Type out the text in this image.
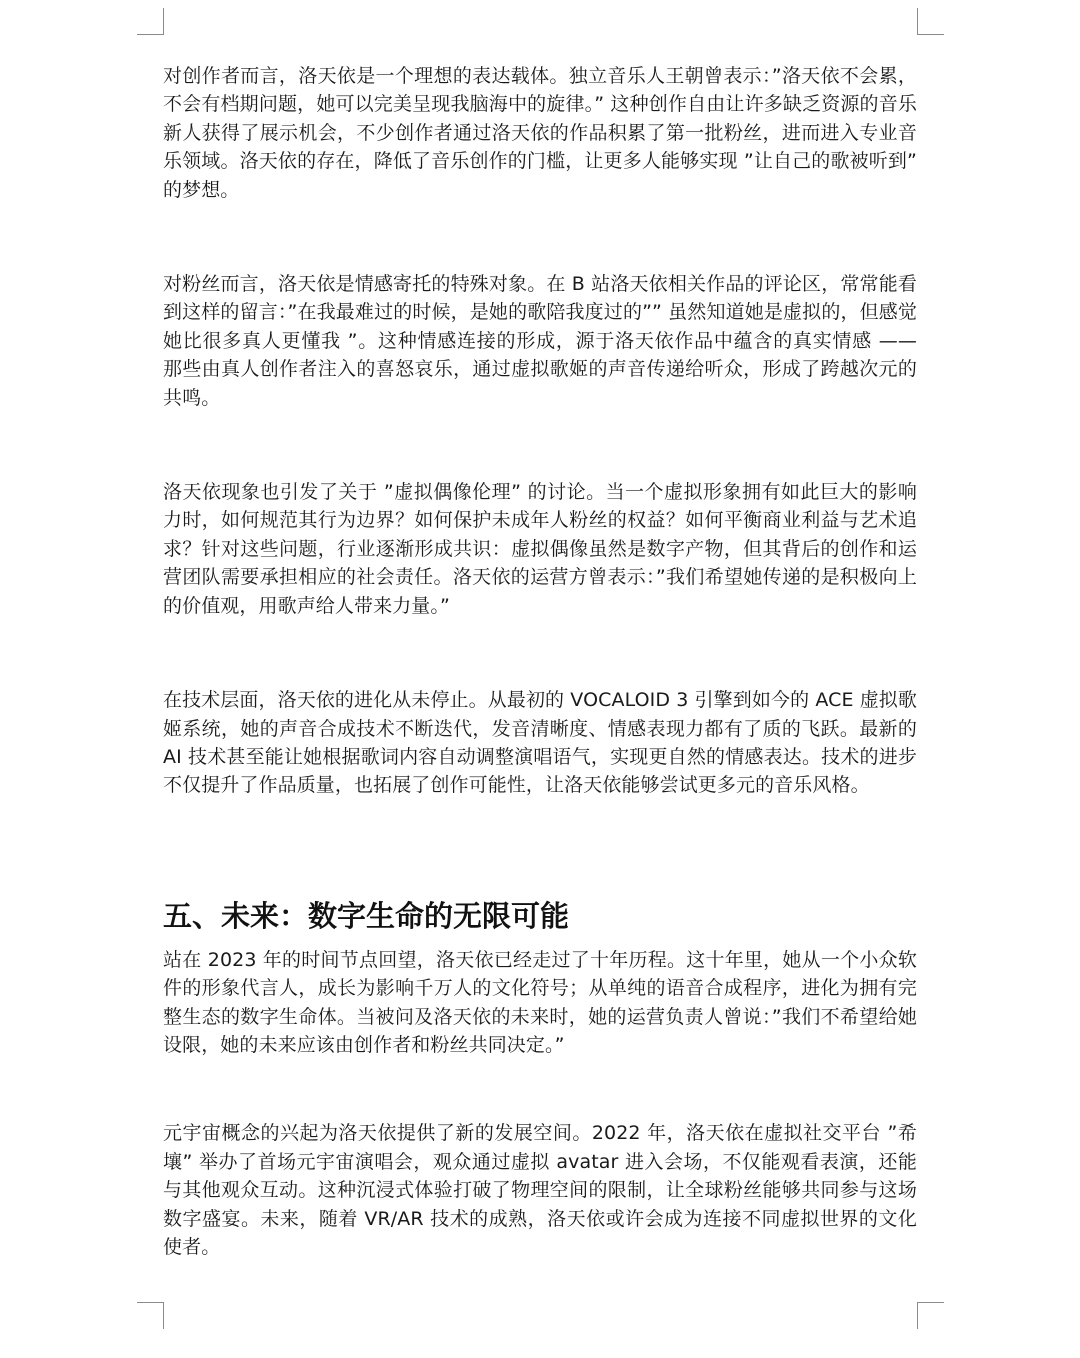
对创作者而言，洛天依是一个理想的表达载体。独立音乐人王朝曾表示：”洛天依不会累，不会有档期问题，她可以完美呈现我脑海中的旋律。” 这种创作自由让许多缺乏资源的音乐新人获得了展示机会，不少创作者通过洛天依的作品积累了第一批粉丝，进而进入专业音乐领域。洛天依的存在，降低了音乐创作的门槛，让更多人能够实现 ”让自己的歌被听到” 的梦想。

对粉丝而言，洛天依是情感寄托的特殊对象。在 B 站洛天依相关作品的评论区，常常能看到这样的留言：”在我最难过的时候，是她的歌陪我度过的”” 虽然知道她是虚拟的，但感觉她比很多真人更懂我 ”。这种情感连接的形成，源于洛天依作品中蕴含的真实情感 —— 那些由真人创作者注入的喜怒哀乐，通过虚拟歌姬的声音传递给听众，形成了跨越次元的共鸣。

洛天依现象也引发了关于 ”虚拟偶像伦理” 的讨论。当一个虚拟形象拥有如此巨大的影响力时，如何规范其行为边界？如何保护未成年人粉丝的权益？如何平衡商业利益与艺术追求？针对这些问题，行业逐渐形成共识：虚拟偶像虽然是数字产物，但其背后的创作和运营团队需要承担相应的社会责任。洛天依的运营方曾表示：”我们希望她传递的是积极向上的价值观，用歌声给人带来力量。”

在技术层面，洛天依的进化从未停止。从最初的 VOCALOID 3 引擎到如今的 ACE 虚拟歌姬系统，她的声音合成技术不断迭代，发音清晰度、情感表现力都有了质的飞跃。最新的 AI 技术甚至能让她根据歌词内容自动调整演唱语气，实现更自然的情感表达。技术的进步不仅提升了作品质量，也拓展了创作可能性，让洛天依能够尝试更多元的音乐风格。

五、未来：数字生命的无限可能

站在 2023 年的时间节点回望，洛天依已经走过了十年历程。这十年里，她从一个小众软件的形象代言人，成长为影响千万人的文化符号；从单纯的语音合成程序，进化为拥有完整生态的数字生命体。当被问及洛天依的未来时，她的运营负责人曾说：”我们不希望给她设限，她的未来应该由创作者和粉丝共同决定。”

元宇宙概念的兴起为洛天依提供了新的发展空间。2022 年，洛天依在虚拟社交平台 ”希壤” 举办了首场元宇宙演唱会，观众通过虚拟 avatar 进入会场，不仅能观看表演，还能与其他观众互动。这种沉浸式体验打破了物理空间的限制，让全球粉丝能够共同参与这场数字盛宴。未来，随着 VR/AR 技术的成熟，洛天依或许会成为连接不同虚拟世界的文化使者。
